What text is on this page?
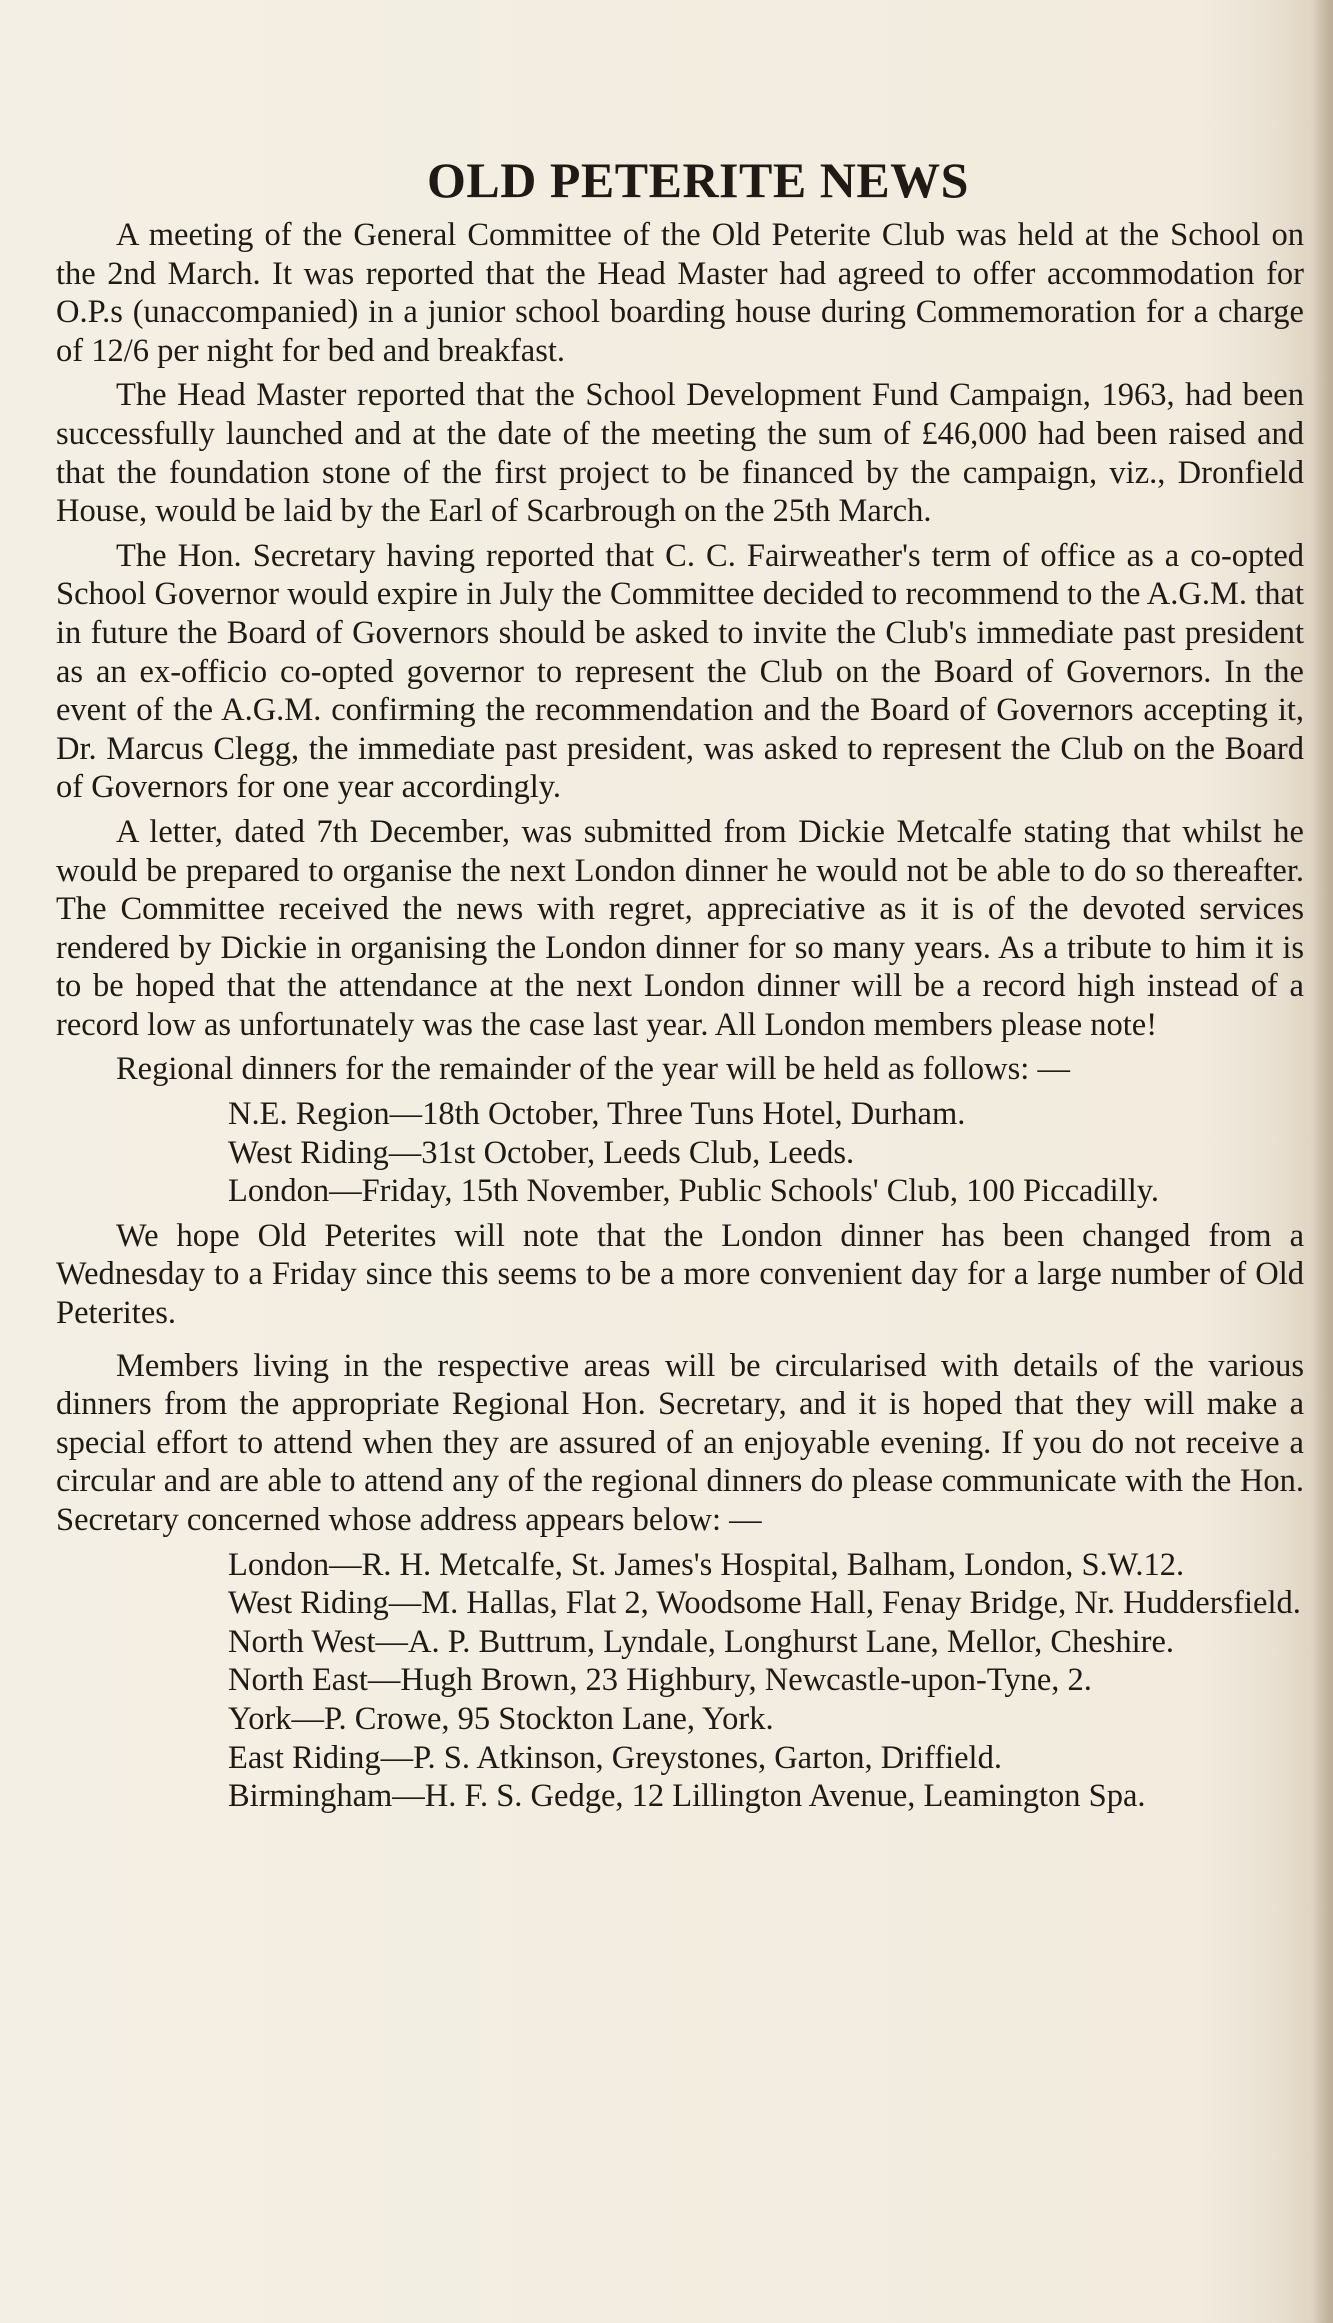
OLD PETERITE NEWS

A meeting of the General Committee of the Old Peterite Club was held at the School on the 2nd March. It was reported that the Head Master had agreed to offer accommodation for O.P.s (unaccompanied) in a junior school boarding house during Commemoration for a charge of 12/6 per night for bed and breakfast.

The Head Master reported that the School Development Fund Campaign, 1963, had been successfully launched and at the date of the meeting the sum of £46,000 had been raised and that the foundation stone of the first project to be financed by the campaign, viz., Dronfield House, would be laid by the Earl of Scarbrough on the 25th March.

The Hon. Secretary having reported that C. C. Fairweather's term of office as a co-opted School Governor would expire in July the Committee decided to recommend to the A.G.M. that in future the Board of Governors should be asked to invite the Club's immediate past president as an ex-officio co-opted governor to represent the Club on the Board of Governors. In the event of the A.G.M. confirming the recommendation and the Board of Governors accepting it, Dr. Marcus Clegg, the immediate past president, was asked to represent the Club on the Board of Governors for one year accordingly.

A letter, dated 7th December, was submitted from Dickie Metcalfe stating that whilst he would be prepared to organise the next London dinner he would not be able to do so thereafter. The Committee received the news with regret, appreciative as it is of the devoted services rendered by Dickie in organising the London dinner for so many years. As a tribute to him it is to be hoped that the attendance at the next London dinner will be a record high instead of a record low as unfortunately was the case last year. All London members please note!

Regional dinners for the remainder of the year will be held as follows: —

N.E. Region—18th October, Three Tuns Hotel, Durham.
West Riding—31st October, Leeds Club, Leeds.
London—Friday, 15th November, Public Schools' Club, 100 Piccadilly.

We hope Old Peterites will note that the London dinner has been changed from a Wednesday to a Friday since this seems to be a more convenient day for a large number of Old Peterites.

Members living in the respective areas will be circularised with details of the various dinners from the appropriate Regional Hon. Secretary, and it is hoped that they will make a special effort to attend when they are assured of an enjoyable evening. If you do not receive a circular and are able to attend any of the regional dinners do please communicate with the Hon. Secretary concerned whose address appears below: —

London—R. H. Metcalfe, St. James's Hospital, Balham, London, S.W.12.
West Riding—M. Hallas, Flat 2, Woodsome Hall, Fenay Bridge, Nr. Huddersfield.
North West—A. P. Buttrum, Lyndale, Longhurst Lane, Mellor, Cheshire.
North East—Hugh Brown, 23 Highbury, Newcastle-upon-Tyne, 2.
York—P. Crowe, 95 Stockton Lane, York.
East Riding—P. S. Atkinson, Greystones, Garton, Driffield.
Birmingham—H. F. S. Gedge, 12 Lillington Avenue, Leamington Spa.
